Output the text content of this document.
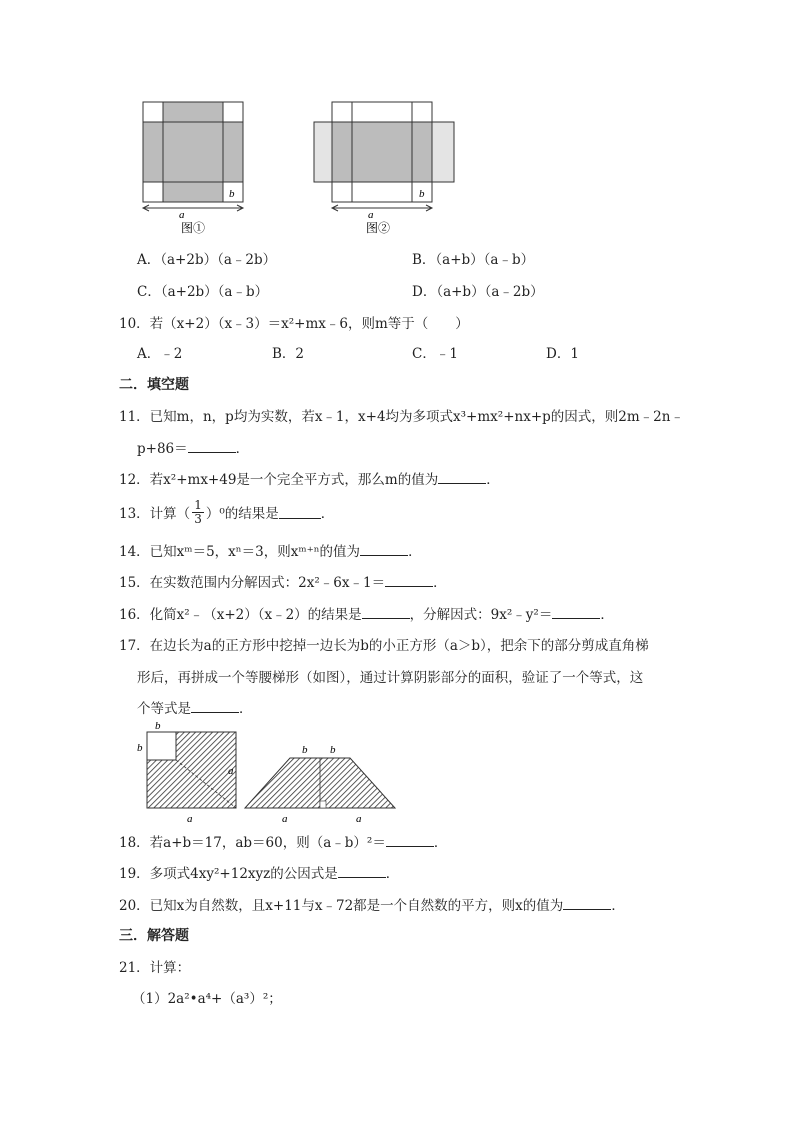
b
a
图①
b
a
图②
A．（a+2b）（a﹣2b）	B．（a+b）（a﹣b）
C．（a+2b）（a﹣b）	D．（a+b）（a﹣2b）
10．若（x+2）（x﹣3）＝x²+mx﹣6，则m等于（　　）
A．﹣2	B．2	C．﹣1	D．1
二．填空题
11．已知m，n，p均为实数，若x﹣1，x+4均为多项式x³+mx²+nx+p的因式，则2m﹣2n﹣
p+86＝	．
12．若x²+mx+49是一个完全平方式，那么m的值为	．
13．计算（ $\frac{1}{3} )^0$的结果是	．
14．已知xᵐ＝5，xⁿ＝3，则xᵐ⁺ⁿ的值为	．
15．在实数范围内分解因式：2x²﹣6x﹣1＝	．
16．化简x²﹣（x+2）（x﹣2）的结果是	，分解因式：9x²﹣y²＝	．
17．在边长为a的正方形中挖掉一边长为b的小正方形（a＞b），把余下的部分剪成直角梯
形后，再拼成一个等腰梯形（如图），通过计算阴影部分的面积，验证了一个等式，这
个等式是	．
b
b
a
a
b b
a	a
18．若a+b＝17，ab＝60，则（a﹣b）²＝	．
19．多项式4xy²+12xyz的公因式是	．
20．已知x为自然数，且x+11与x﹣72都是一个自然数的平方，则x的值为	．
三．解答题
21．计算：
（1）2a²•a⁴+（a³）²；
